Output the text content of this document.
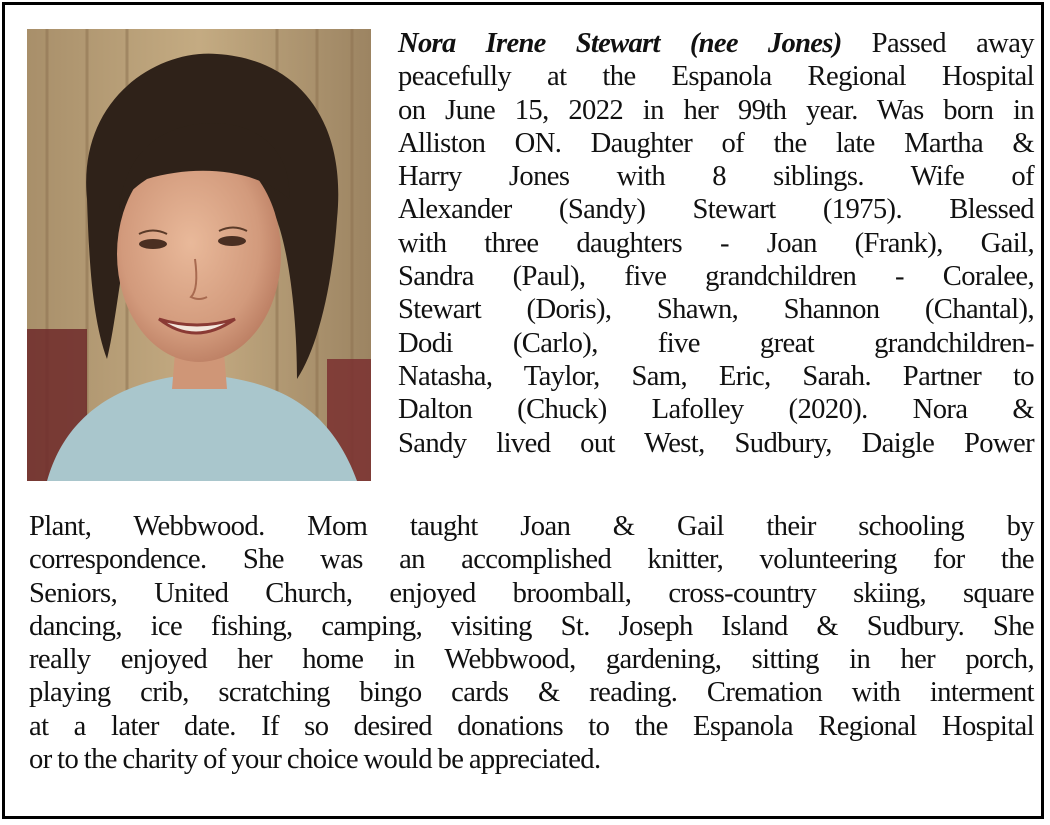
Nora Irene Stewart (nee Jones) Passed away
peacefully at the Espanola Regional Hospital
on June 15, 2022 in her 99th year. Was born in
Alliston ON. Daughter of the late Martha &
Harry Jones with 8 siblings. Wife of
Alexander (Sandy) Stewart (1975). Blessed
with three daughters - Joan (Frank), Gail,
Sandra (Paul), five grandchildren - Coralee,
Stewart (Doris), Shawn, Shannon (Chantal),
Dodi (Carlo), five great grandchildren-
Natasha, Taylor, Sam, Eric, Sarah. Partner to
Dalton (Chuck) Lafolley (2020). Nora &
Sandy lived out West, Sudbury, Daigle Power
Plant, Webbwood. Mom taught Joan & Gail their schooling by
correspondence. She was an accomplished knitter, volunteering for the
Seniors, United Church, enjoyed broomball, cross-country skiing, square
dancing, ice fishing, camping, visiting St. Joseph Island & Sudbury. She
really enjoyed her home in Webbwood, gardening, sitting in her porch,
playing crib, scratching bingo cards & reading. Cremation with interment
at a later date. If so desired donations to the Espanola Regional Hospital
or to the charity of your choice would be appreciated.
